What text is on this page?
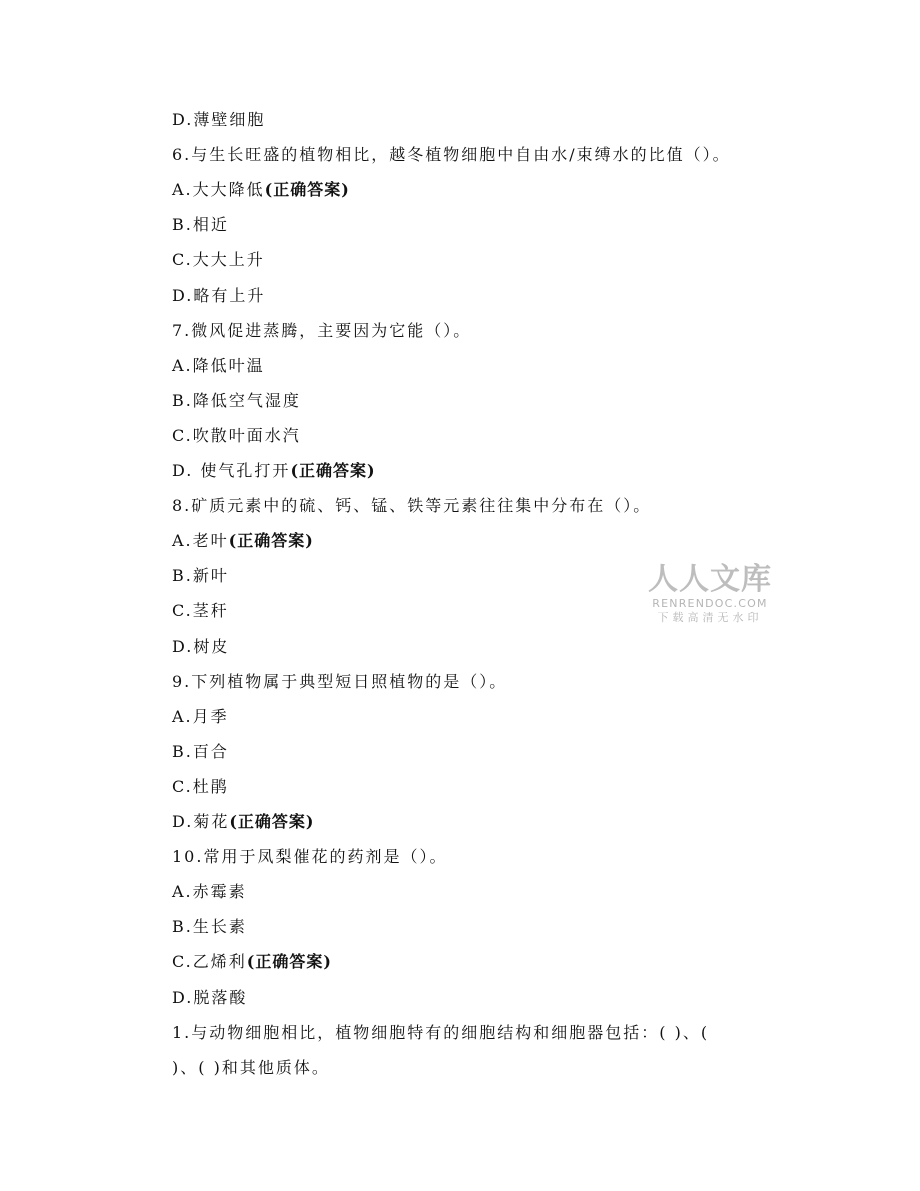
D.薄壁细胞
6.与生长旺盛的植物相比，越冬植物细胞中自由水/束缚水的比值（）。
A.大大降低(正确答案)
B.相近
C.大大上升
D.略有上升
7.微风促进蒸腾，主要因为它能（）。
A.降低叶温
B.降低空气湿度
C.吹散叶面水汽
D. 使气孔打开(正确答案)
8.矿质元素中的硫、钙、锰、铁等元素往往集中分布在（）。
A.老叶(正确答案)
B.新叶
C.茎秆
D.树皮
9.下列植物属于典型短日照植物的是（）。
A.月季
B.百合
C.杜鹃
D.菊花(正确答案)
10.常用于凤梨催花的药剂是（）。
A.赤霉素
B.生长素
C.乙烯利(正确答案)
D.脱落酸
1.与动物细胞相比，植物细胞特有的细胞结构和细胞器包括：( )、(
)、( )和其他质体。
人人文库
RENRENDOC.COM
下载高清无水印
